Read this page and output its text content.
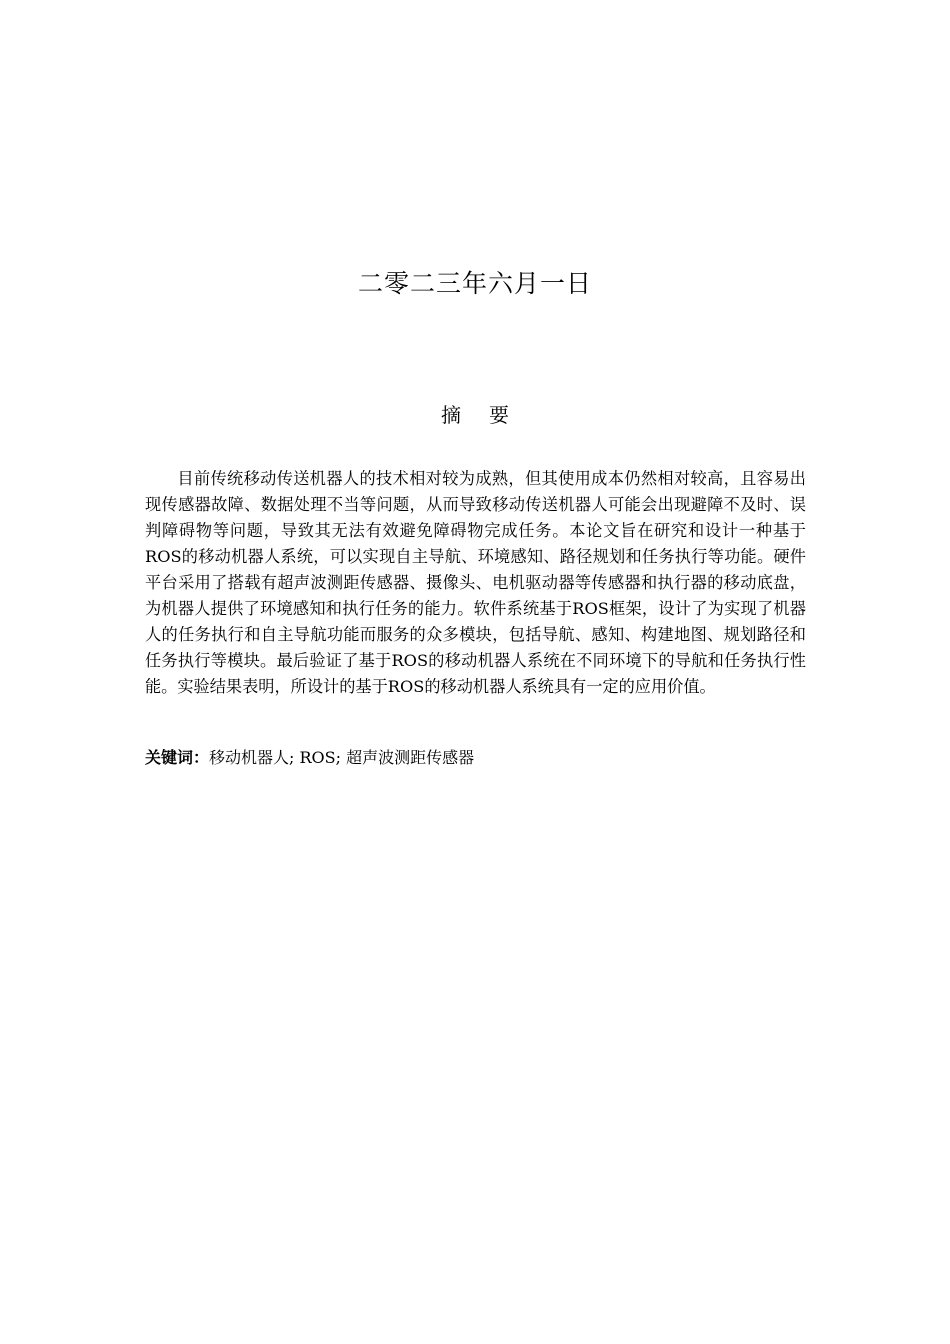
二零二三年六月一日
摘要

目前传统移动传送机器人的技术相对较为成熟，但其使用成本仍然相对较高，且容易出现传感器故障、数据处理不当等问题，从而导致移动传送机器人可能会出现避障不及时、误判障碍物等问题，导致其无法有效避免障碍物完成任务。本论文旨在研究和设计一种基于ROS的移动机器人系统，可以实现自主导航、环境感知、路径规划和任务执行等功能。硬件平台采用了搭载有超声波测距传感器、摄像头、电机驱动器等传感器和执行器的移动底盘，为机器人提供了环境感知和执行任务的能力。软件系统基于ROS框架，设计了为实现了机器人的任务执行和自主导航功能而服务的众多模块，包括导航、感知、构建地图、规划路径和任务执行等模块。最后验证了基于ROS的移动机器人系统在不同环境下的导航和任务执行性能。实验结果表明，所设计的基于ROS的移动机器人系统具有一定的应用价值。

关键词：移动机器人; ROS; 超声波测距传感器
